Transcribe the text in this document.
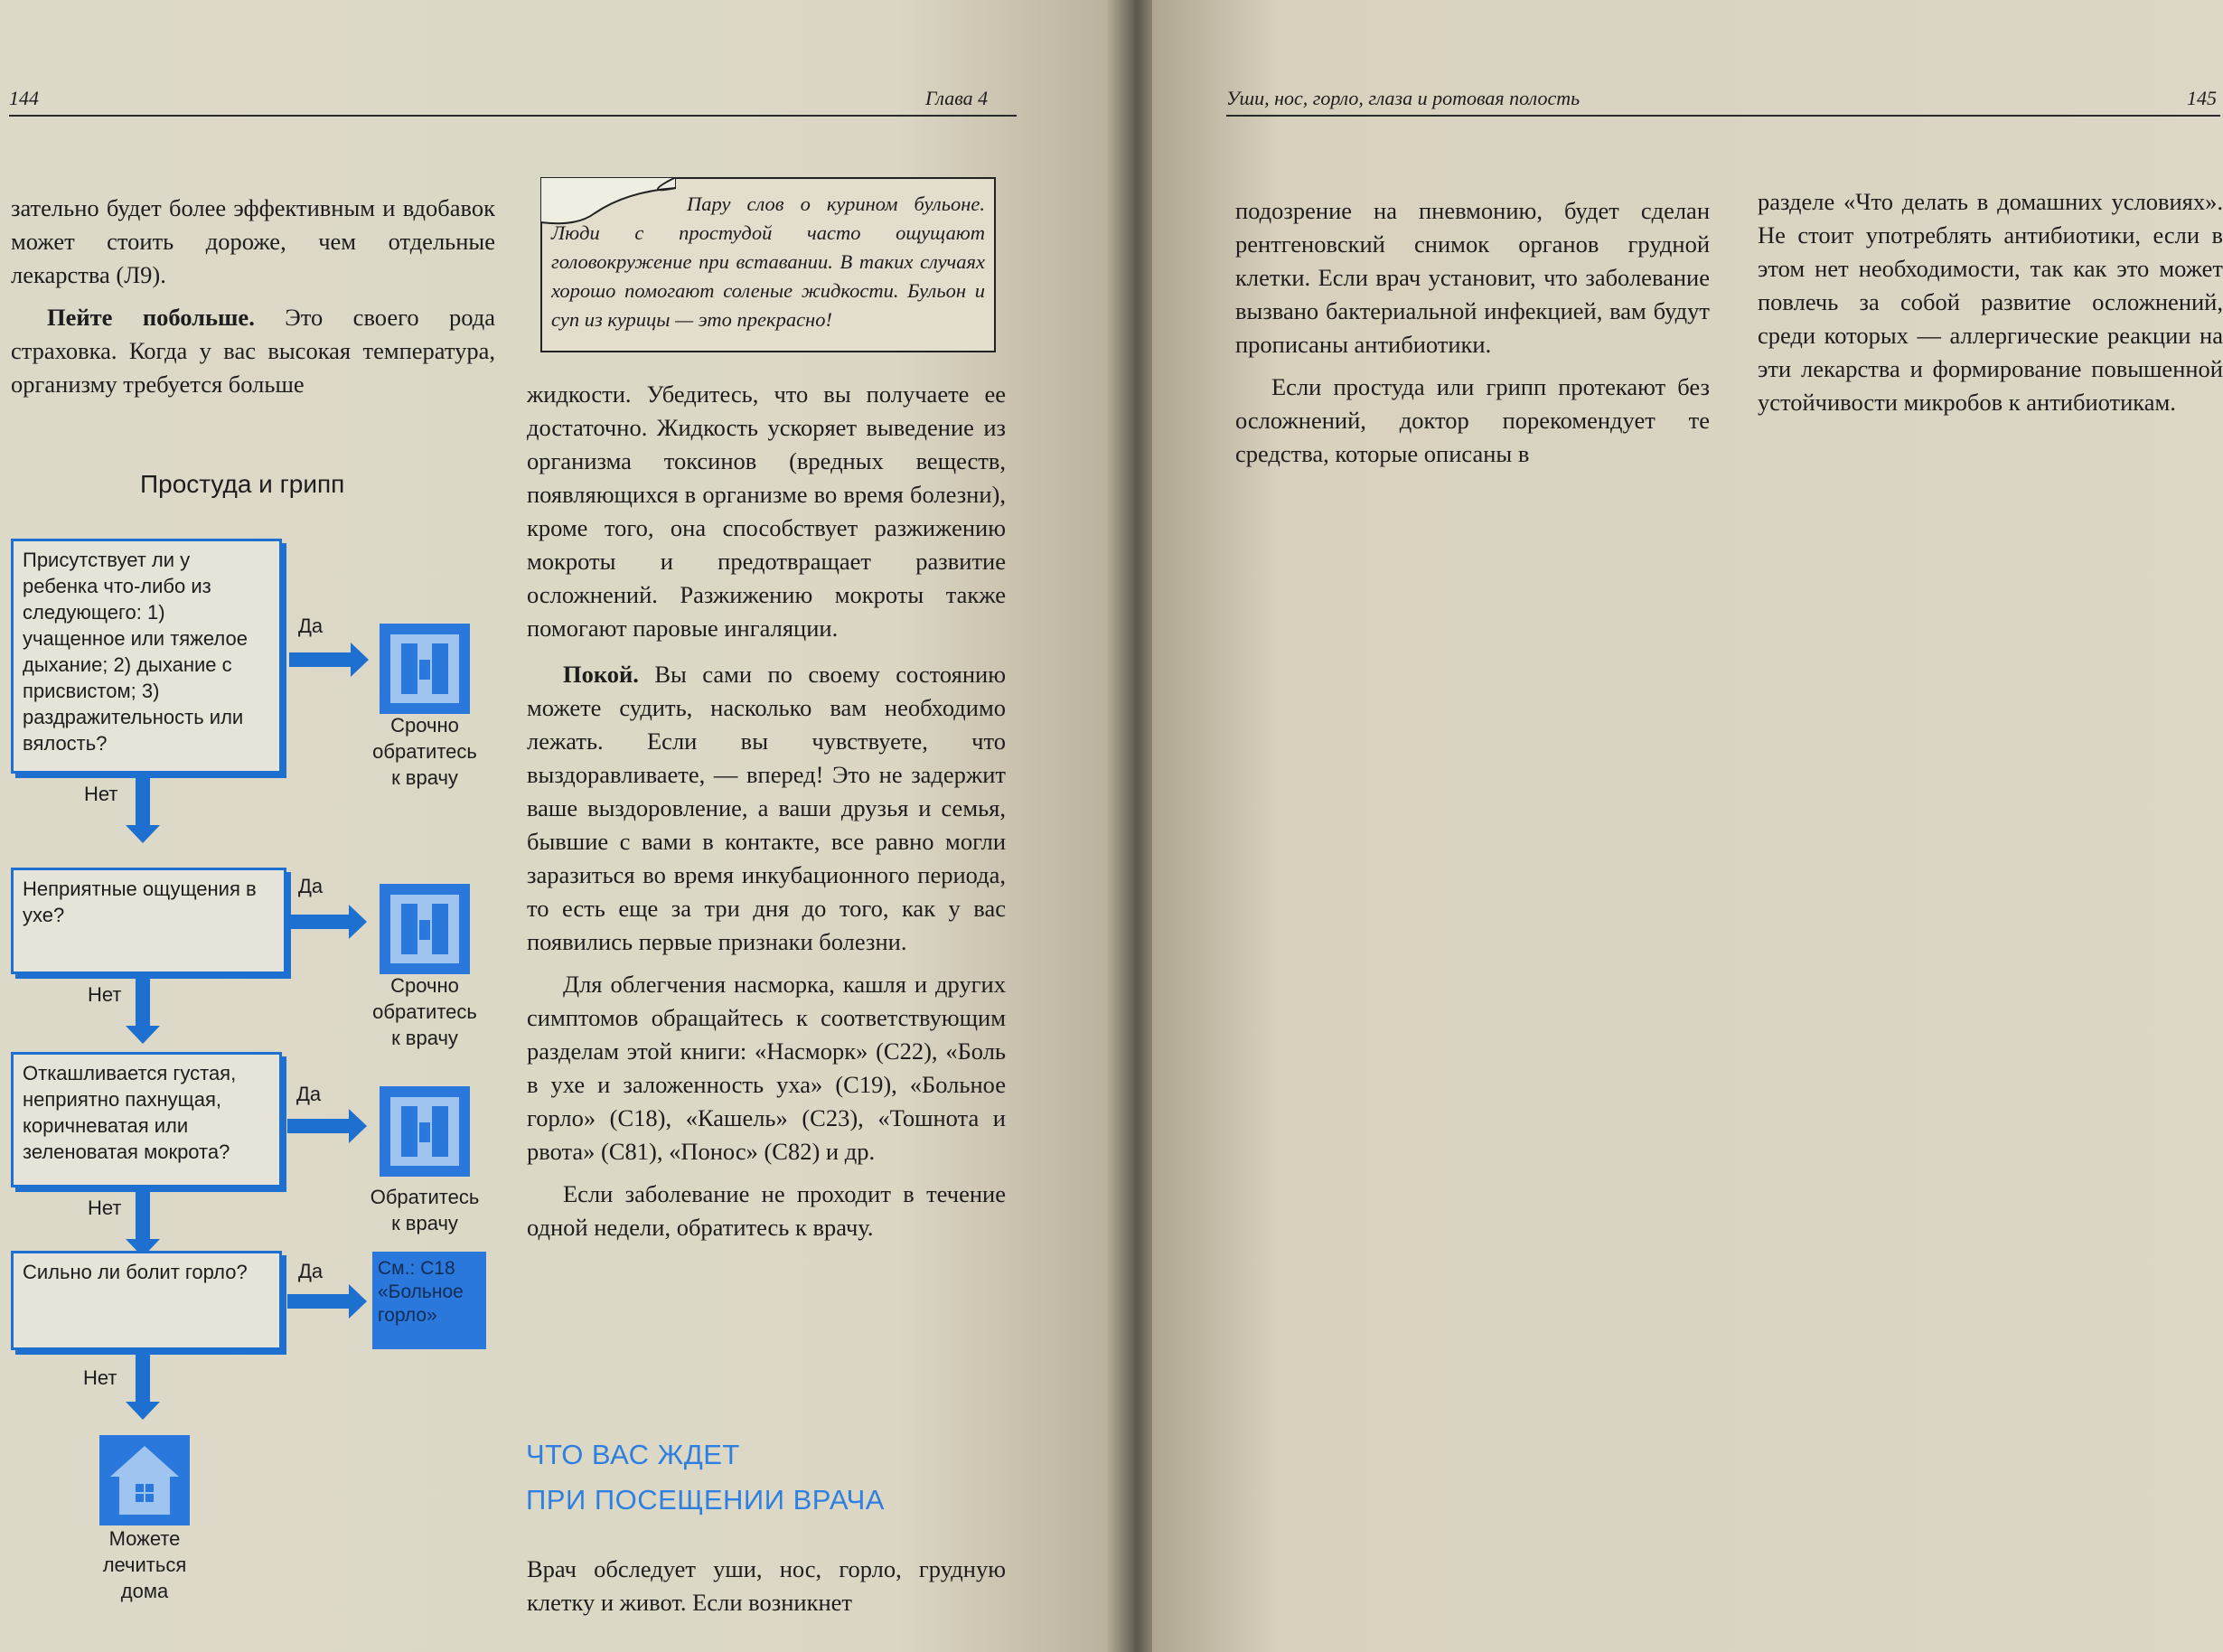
144	Глава 4

зательно будет более эффективным и вдобавок может стоить дороже, чем отдельные лекарства (Л9).

Пейте побольше. Это своего рода страховка. Когда у вас высокая температура, организму требуется больше

Пару слов о курином бульоне. Люди с простудой часто ощущают головокружение при вставании. В таких случаях хорошо помогают соленые жидкости. Бульон и суп из курицы — это прекрасно!

жидкости. Убедитесь, что вы получаете ее достаточно. Жидкость ускоряет выведение из организма токсинов (вредных веществ, появляющихся в организме во время болезни), кроме того, она способствует разжижению мокроты и предотвращает развитие осложнений. Разжижению мокроты также помогают паровые ингаляции.

Покой. Вы сами по своему состоянию можете судить, насколько вам необходимо лежать. Если вы чувствуете, что выздоравливаете, — вперед! Это не задержит ваше выздоровление, а ваши друзья и семья, бывшие с вами в контакте, все равно могли заразиться во время инкубационного периода, то есть еще за три дня до того, как у вас появились первые признаки болезни.

Для облегчения насморка, кашля и других симптомов обращайтесь к соответствующим разделам этой книги: «Насморк» (С22), «Боль в ухе и заложенность уха» (С19), «Больное горло» (С18), «Кашель» (С23), «Тошнота и рвота» (С81), «Понос» (С82) и др.

Если заболевание не проходит в течение одной недели, обратитесь к врачу.

ЧТО ВАС ЖДЕТ
ПРИ ПОСЕЩЕНИИ ВРАЧА

Врач обследует уши, нос, горло, грудную клетку и живот. Если возникнет

Простуда и грипп
Присутствует ли у ребенка что-либо из следующего: 1) учащенное или тяжелое дыхание; 2) дыхание с присвистом; 3) раздражительность или вялость?
Да
Срочно
обратитесь
к врачу
Нет
Неприятные ощущения в ухе?
Да
Срочно
обратитесь
к врачу
Нет
Откашливается густая, неприятно пахнущая, коричневатая или зеленоватая мокрота?
Да
Обратитесь
к врачу
Нет
Сильно ли болит горло?	Да	См.: С18
«Больное
горло»
Нет
Можете
лечиться
дома
Уши, нос, горло, глаза и ротовая полость	145

подозрение на пневмонию, будет сделан рентгеновский снимок органов грудной клетки. Если врач установит, что заболевание вызвано бактериальной инфекцией, вам будут прописаны антибиотики.

Если простуда или грипп протекают без осложнений, доктор порекомендует те средства, которые описаны в

разделе «Что делать в домашних условиях». Не стоит употреблять антибиотики, если в этом нет необходимости, так как это может повлечь за собой развитие осложнений, среди которых — аллергические реакции на эти лекарства и формирование повышенной устойчивости микробов к антибиотикам.
